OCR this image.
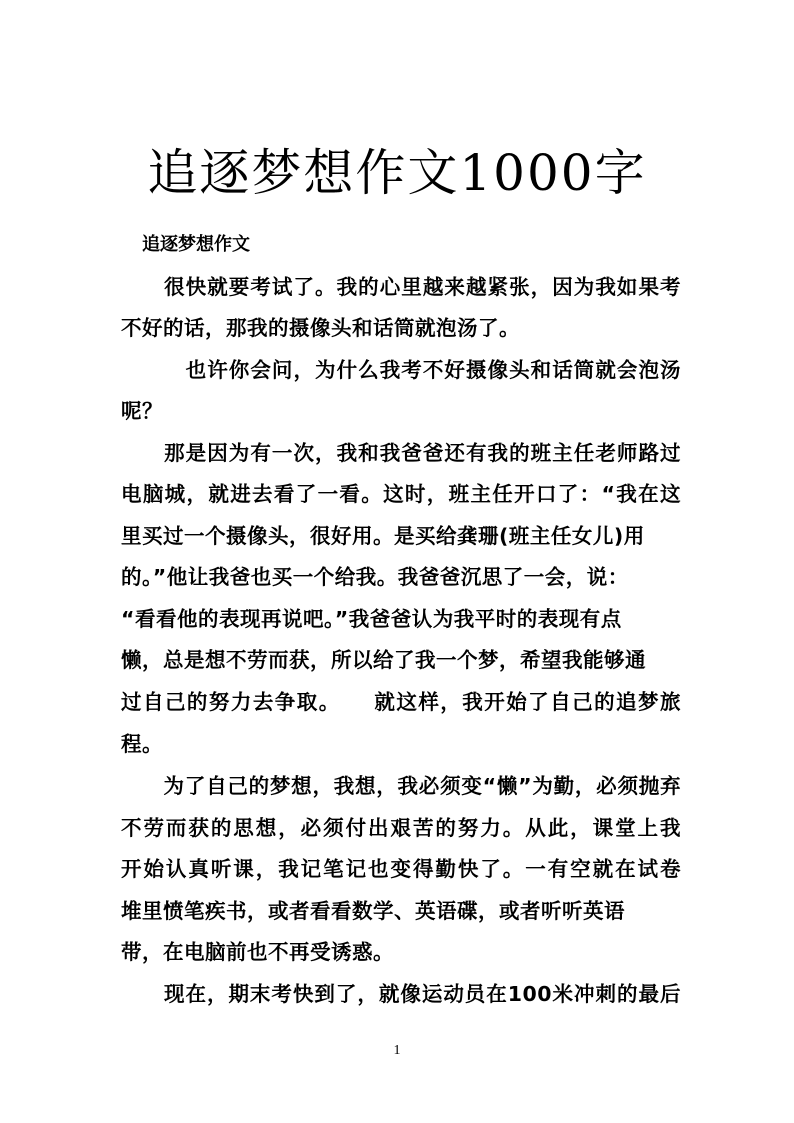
追逐梦想作文1000字
追逐梦想作文
　　很快就要考试了。我的心里越来越紧张，因为我如果考
不好的话，那我的摄像头和话筒就泡汤了。
　　　也许你会问，为什么我考不好摄像头和话筒就会泡汤
呢？
　　那是因为有一次，我和我爸爸还有我的班主任老师路过
电脑城，就进去看了一看。这时，班主任开口了：“我在这
里买过一个摄像头，很好用。是买给龚珊(班主任女儿)用
的。”他让我爸也买一个给我。我爸爸沉思了一会，说：
“看看他的表现再说吧。”我爸爸认为我平时的表现有点
懒，总是想不劳而获，所以给了我一个梦，希望我能够通
过自己的努力去争取。　　就这样，我开始了自己的追梦旅
程。
　　为了自己的梦想，我想，我必须变“懒”为勤，必须抛弃
不劳而获的思想，必须付出艰苦的努力。从此，课堂上我
开始认真听课，我记笔记也变得勤快了。一有空就在试卷
堆里愤笔疾书，或者看看数学、英语碟，或者听听英语
带，在电脑前也不再受诱惑。
　　现在，期末考快到了，就像运动员在100米冲刺的最后
1
